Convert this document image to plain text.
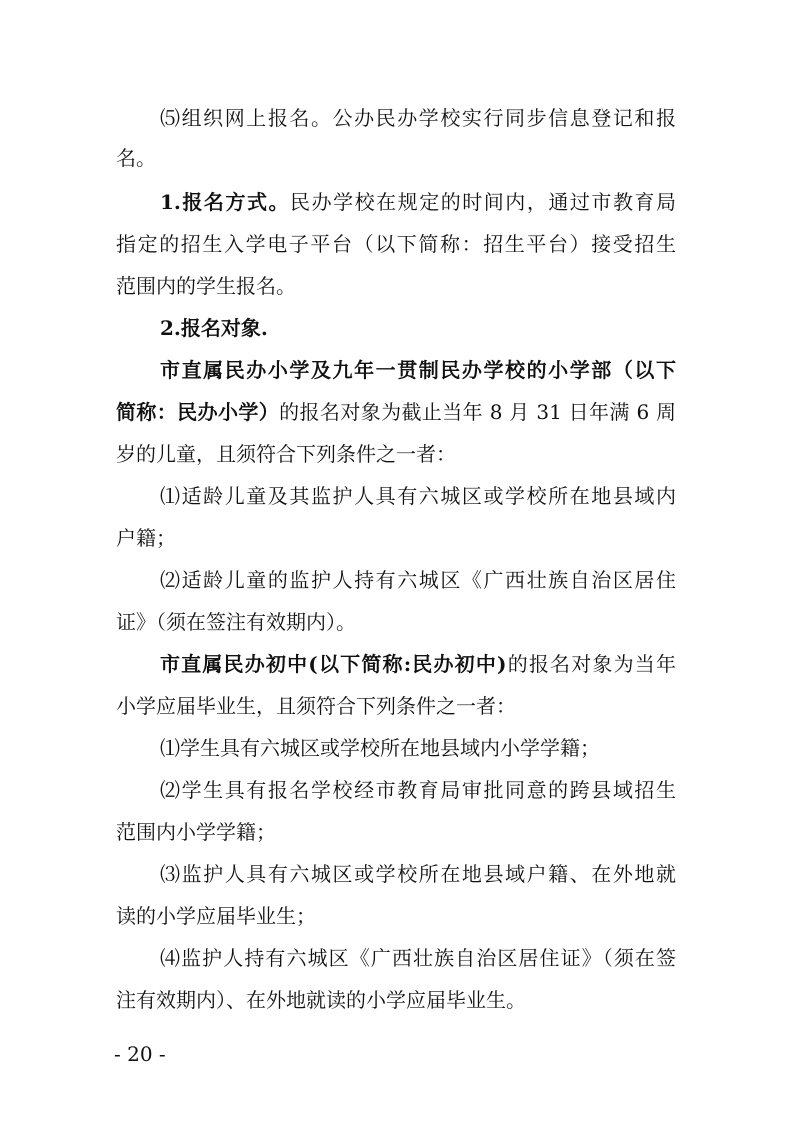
⑸组织网上报名。公办民办学校实行同步信息登记和报
名。
1.报名方式。民办学校在规定的时间内，通过市教育局
指定的招生入学电子平台（以下简称：招生平台）接受招生
范围内的学生报名。
2.报名对象.
市直属民办小学及九年一贯制民办学校的小学部（以下
简称：民办小学）的报名对象为截止当年 8 月 31 日年满 6 周
岁的儿童，且须符合下列条件之一者：
⑴适龄儿童及其监护人具有六城区或学校所在地县域内
户籍；
⑵适龄儿童的监护人持有六城区《广西壮族自治区居住
证》（须在签注有效期内）。
市直属民办初中(以下简称:民办初中)的报名对象为当年
小学应届毕业生，且须符合下列条件之一者：
⑴学生具有六城区或学校所在地县域内小学学籍；
⑵学生具有报名学校经市教育局审批同意的跨县域招生
范围内小学学籍；
⑶监护人具有六城区或学校所在地县域户籍、在外地就
读的小学应届毕业生；
⑷监护人持有六城区《广西壮族自治区居住证》（须在签
注有效期内）、在外地就读的小学应届毕业生。
- 20 -
